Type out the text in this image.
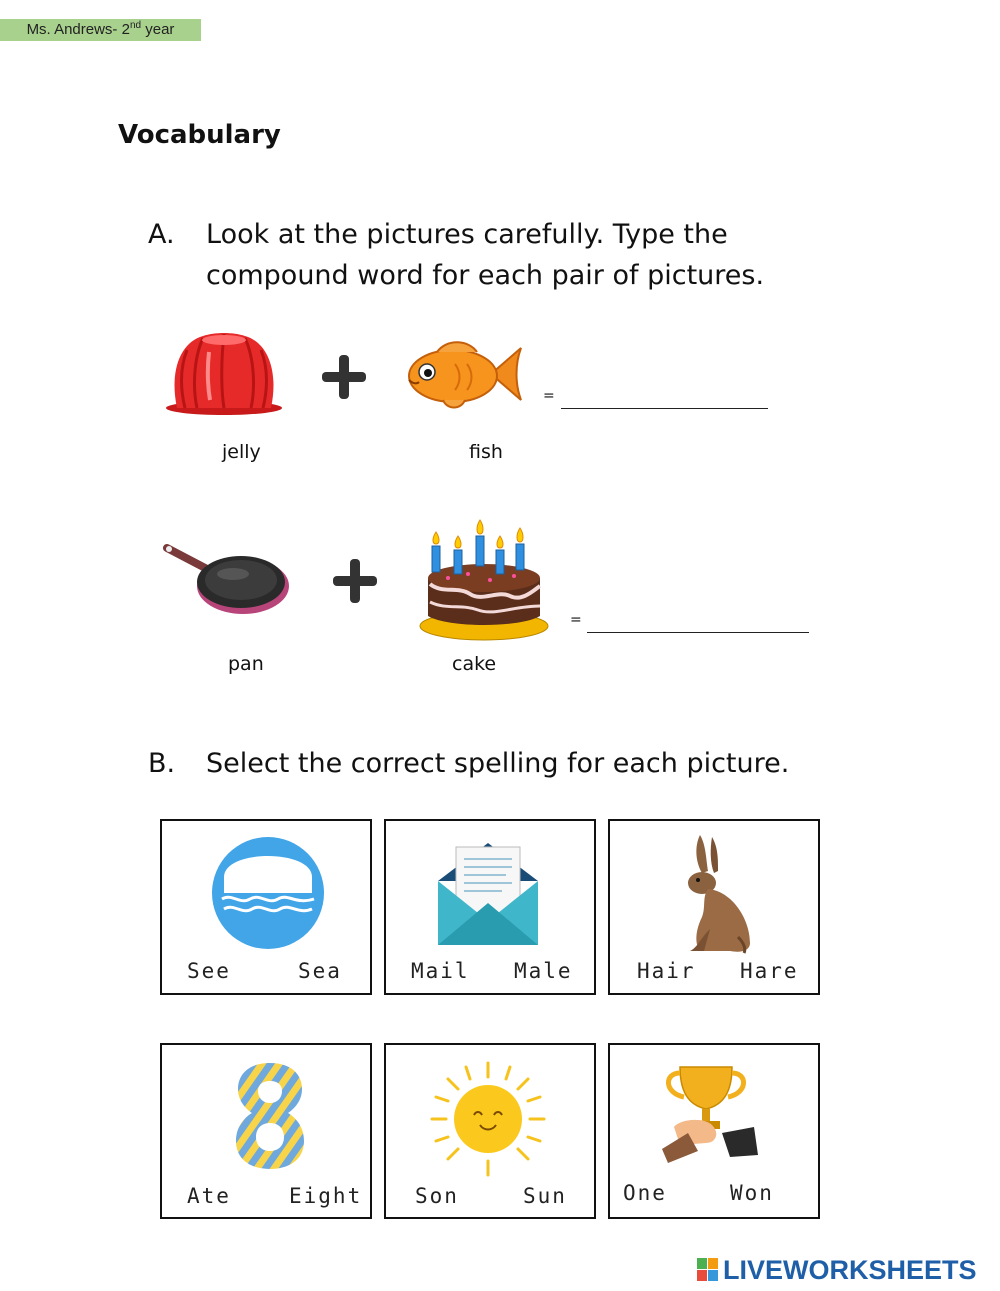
Ms. Andrews- 2nd year
Vocabulary
A. Look at the pictures carefully. Type the
compound word for each pair of pictures.
=
jelly	fish
=
pan	cake
B. Select the correct spelling for each picture.
See	Sea	Mail Male	Hair Hare
Ate	Eight	Son	Sun	One	Won
LIVEWORKSHEETS
